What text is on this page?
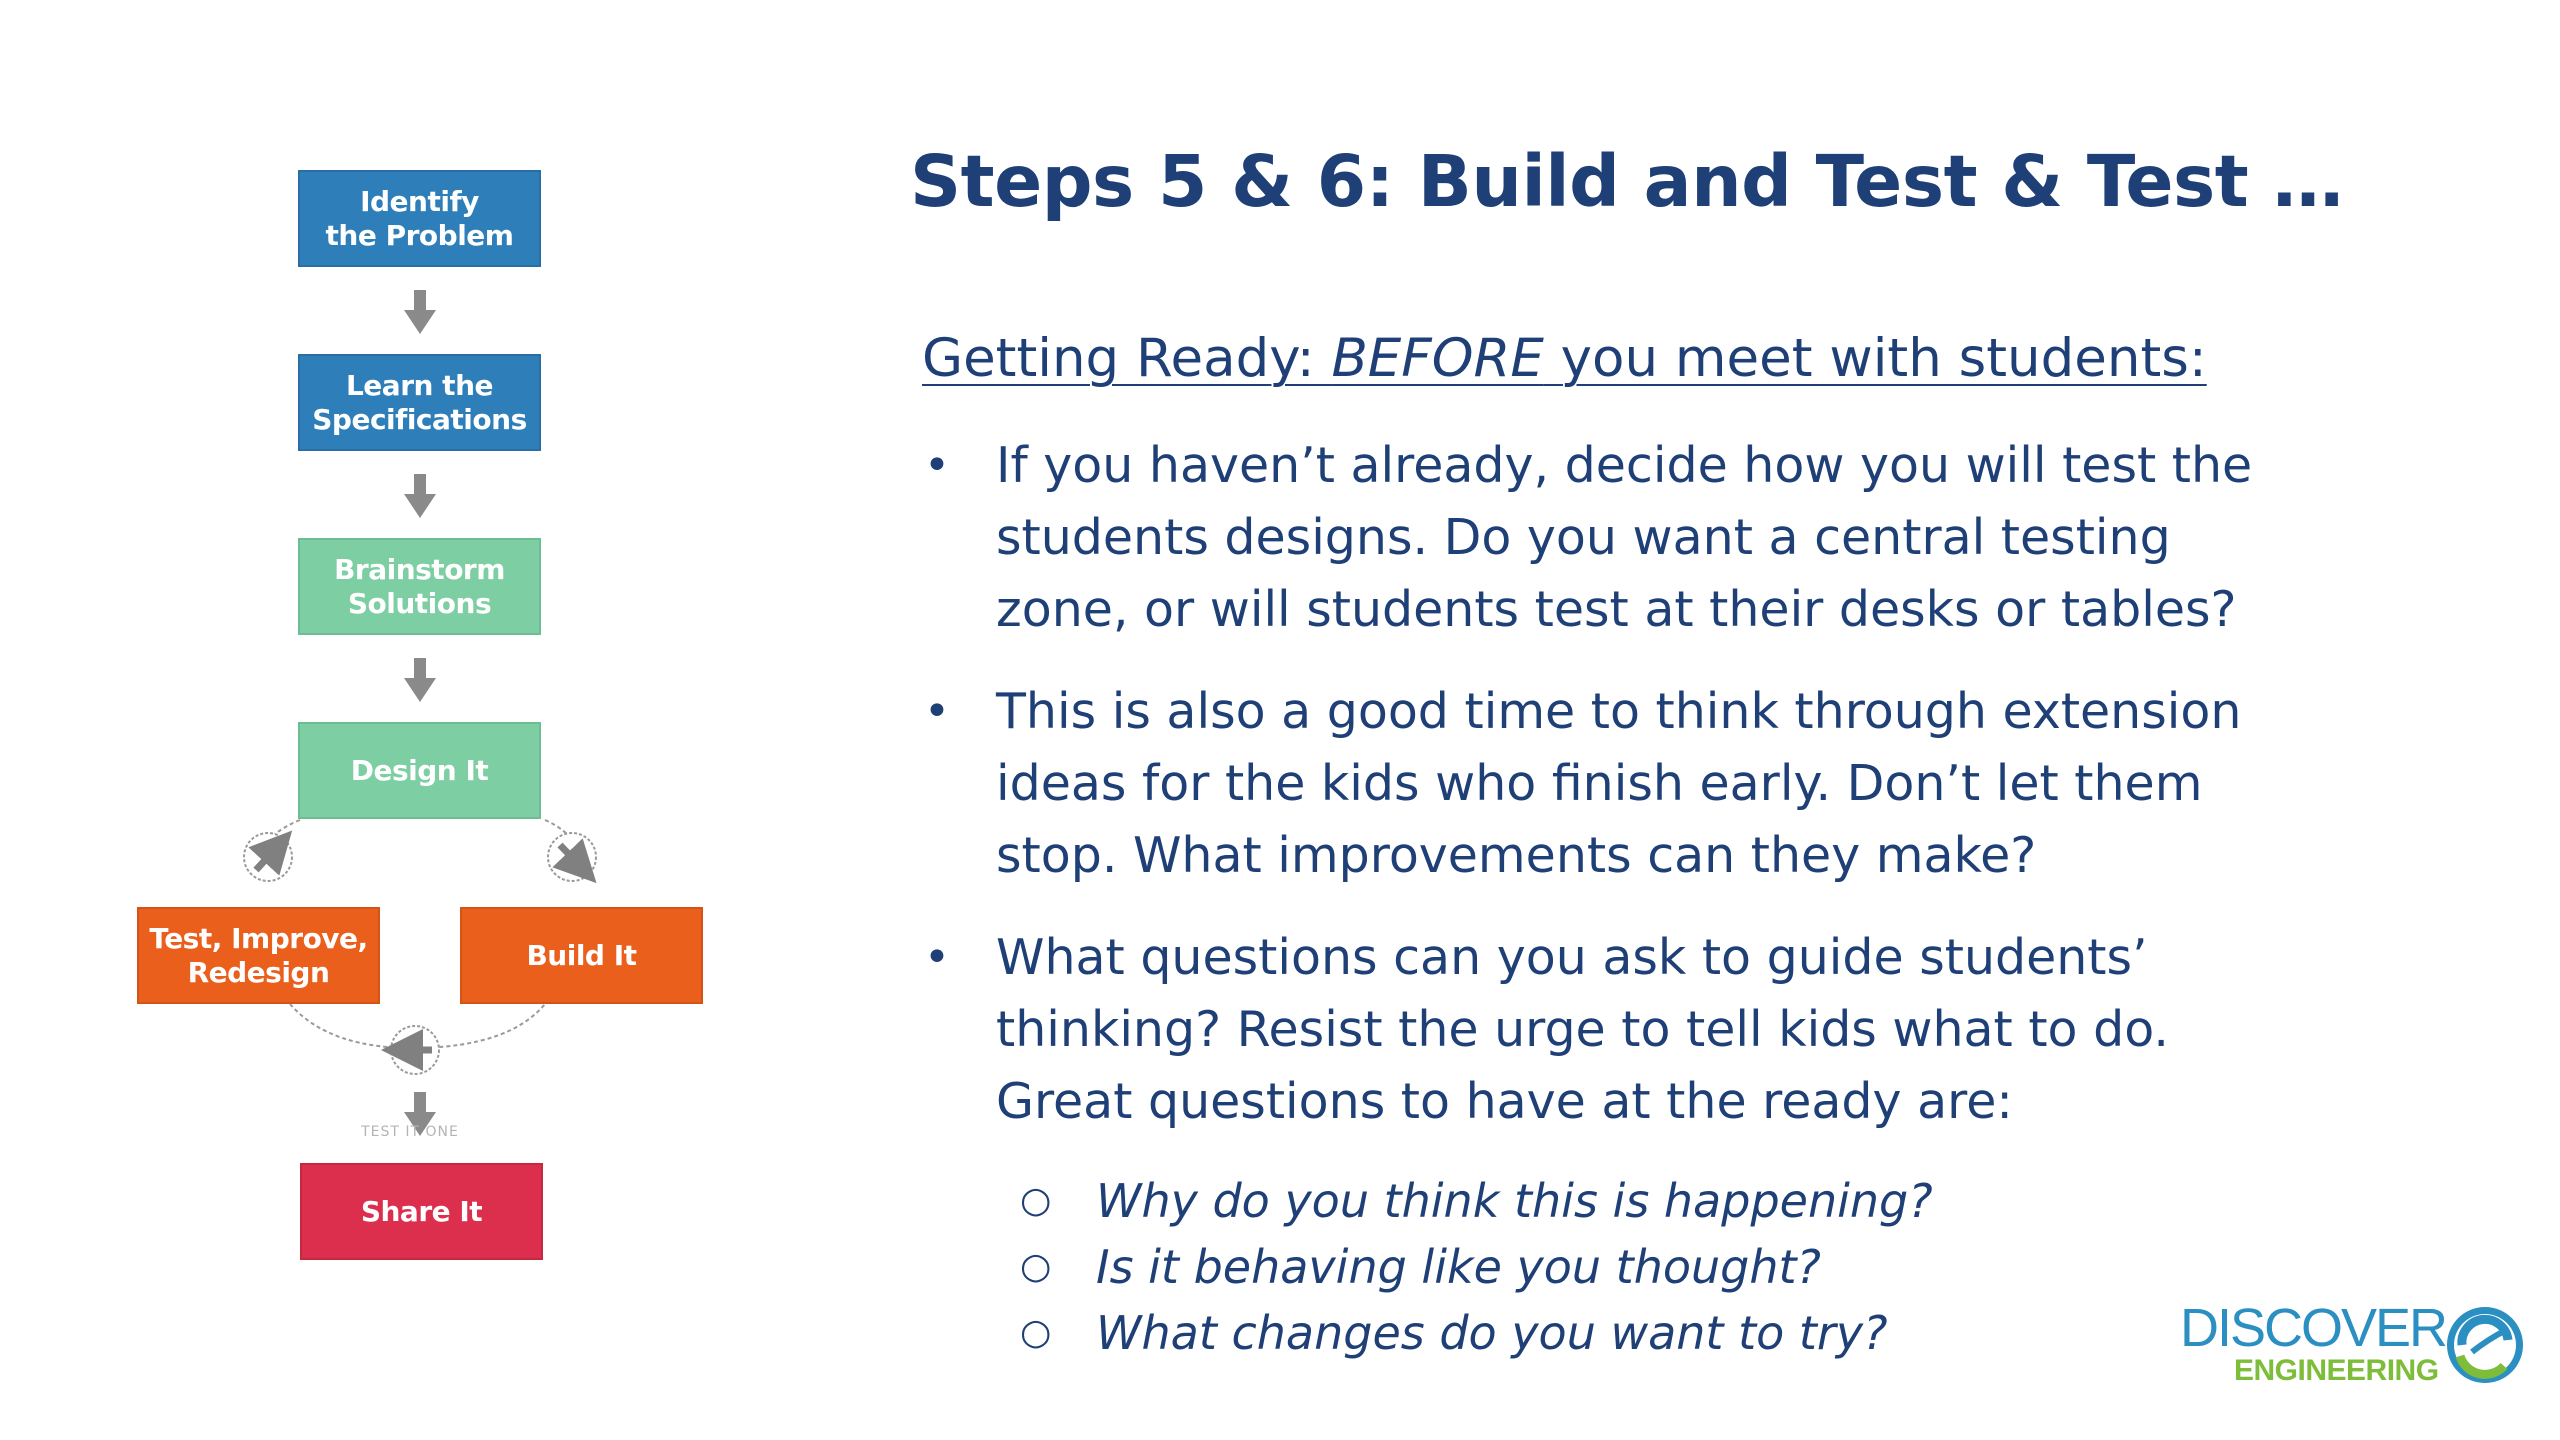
Identify
the Problem
Learn the
Specifications
Brainstorm
Solutions
Design It
Test, Improve,
Redesign
Build It
TEST IT ONE
Share It
Steps 5 & 6: Build and Test & Test …
Getting Ready: BEFORE you meet with students:
• If you haven’t already, decide how you will test the students designs. Do you want a central testing zone, or will students test at their desks or tables?
• This is also a good time to think through extension ideas for the kids who finish early. Don’t let them stop. What improvements can they make?
• What questions can you ask to guide students’ thinking? Resist the urge to tell kids what to do. Great questions to have at the ready are:
○ Why do you think this is happening?
○ Is it behaving like you thought?
○ What changes do you want to try?	DISCOVER
ENGINEERING
